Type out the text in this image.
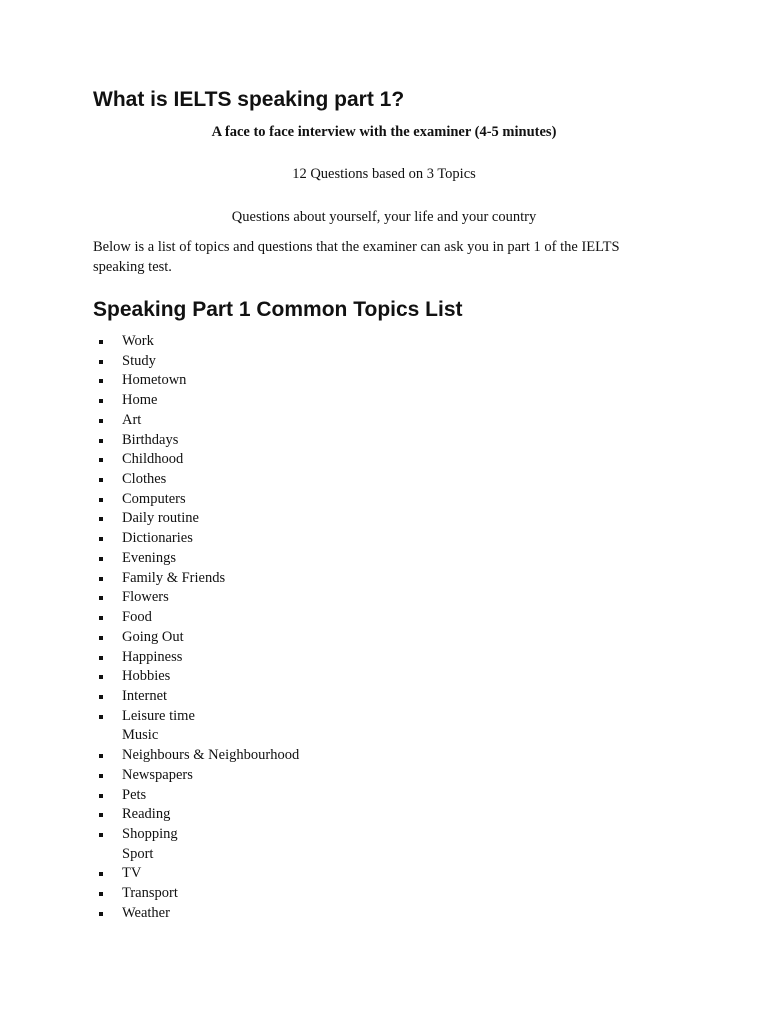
What is IELTS speaking part 1?

A face to face interview with the examiner (4-5 minutes)

12 Questions based on 3 Topics

Questions about yourself, your life and your country

Below is a list of topics and questions that the examiner can ask you in part 1 of the IELTS speaking test.

Speaking Part 1 Common Topics List
Work
Study
Hometown
Home
Art
Birthdays
Childhood
Clothes
Computers
Daily routine
Dictionaries
Evenings
Family & Friends
Flowers
Food
Going Out
Happiness
Hobbies
Internet
Leisure time
Music
Neighbours & Neighbourhood
Newspapers
Pets
Reading
Shopping
Sport
TV
Transport
Weather
